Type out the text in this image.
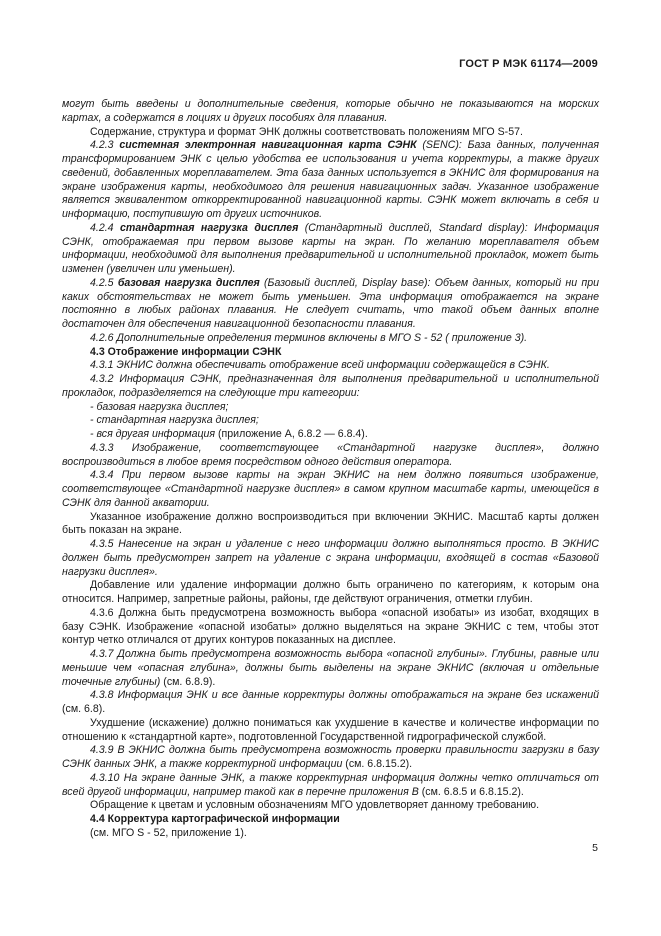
ГОСТ Р МЭК 61174—2009

могут быть введены и дополнительные сведения, которые обычно не показываются на морских картах, а содержатся в лоциях и других пособиях для плавания.

Содержание, структура и формат ЭНК должны соответствовать положениям МГО S-57.

4.2.3 системная электронная навигационная карта СЭНК (SENC): База данных, полученная трансформированием ЭНК с целью удобства ее использования и учета корректуры, а также других сведений, добавленных мореплавателем. Эта база данных используется в ЭКНИС для формирования на экране изображения карты, необходимого для решения навигационных задач. Указанное изображение является эквивалентом откорректированной навигационной карты. СЭНК может включать в себя и информацию, поступившую от других источников.

4.2.4 стандартная нагрузка дисплея (Стандартный дисплей, Standard display): Информация СЭНК, отображаемая при первом вызове карты на экран. По желанию мореплавателя объем информации, необходимой для выполнения предварительной и исполнительной прокладок, может быть изменен (увеличен или уменьшен).

4.2.5 базовая нагрузка дисплея (Базовый дисплей, Display base): Объем данных, который ни при каких обстоятельствах не может быть уменьшен. Эта информация отображается на экране постоянно в любых районах плавания. Не следует считать, что такой объем данных вполне достаточен для обеспечения навигационной безопасности плавания.

4.2.6 Дополнительные определения терминов включены в МГО S - 52 ( приложение 3).

4.3 Отображение информации СЭНК

4.3.1 ЭКНИС должна обеспечивать отображение всей информации содержащейся в СЭНК.

4.3.2 Информация СЭНК, предназначенная для выполнения предварительной и исполнительной прокладок, подразделяется на следующие три категории:

- базовая нагрузка дисплея;

- стандартная нагрузка дисплея;

- вся другая информация (приложение А, 6.8.2 — 6.8.4).

4.3.3 Изображение, соответствующее «Стандартной нагрузке дисплея», должно воспроизводиться в любое время посредством одного действия оператора.

4.3.4 При первом вызове карты на экран ЭКНИС на нем должно появиться изображение, соответствующее «Стандартной нагрузке дисплея» в самом крупном масштабе карты, имеющейся в СЭНК для данной акватории.

Указанное изображение должно воспроизводиться при включении ЭКНИС. Масштаб карты должен быть показан на экране.

4.3.5 Нанесение на экран и удаление с него информации должно выполняться просто. В ЭКНИС должен быть предусмотрен запрет на удаление с экрана информации, входящей в состав «Базовой нагрузки дисплея».

Добавление или удаление информации должно быть ограничено по категориям, к которым она относится. Например, запретные районы, районы, где действуют ограничения, отметки глубин.

4.3.6 Должна быть предусмотрена возможность выбора «опасной изобаты» из изобат, входящих в базу СЭНК. Изображение «опасной изобаты» должно выделяться на экране ЭКНИС с тем, чтобы этот контур четко отличался от других контуров показанных на дисплее.

4.3.7 Должна быть предусмотрена возможность выбора «опасной глубины». Глубины, равные или меньшие чем «опасная глубина», должны быть выделены на экране ЭКНИС (включая и отдельные точечные глубины) (см. 6.8.9).

4.3.8 Информация ЭНК и все данные корректуры должны отображаться на экране без искажений (см. 6.8).

Ухудшение (искажение) должно пониматься как ухудшение в качестве и количестве информации по отношению к «стандартной карте», подготовленной Государственной гидрографической службой.

4.3.9 В ЭКНИС должна быть предусмотрена возможность проверки правильности загрузки в базу СЭНК данных ЭНК, а также корректурной информации (см. 6.8.15.2).

4.3.10 На экране данные ЭНК, а также корректурная информация должны четко отличаться от всей другой информации, например такой как в перечне приложения В (см. 6.8.5 и 6.8.15.2).

Обращение к цветам и условным обозначениям МГО удовлетворяет данному требованию.

4.4 Корректура картографической информации

(см. МГО S - 52, приложение 1).

5
